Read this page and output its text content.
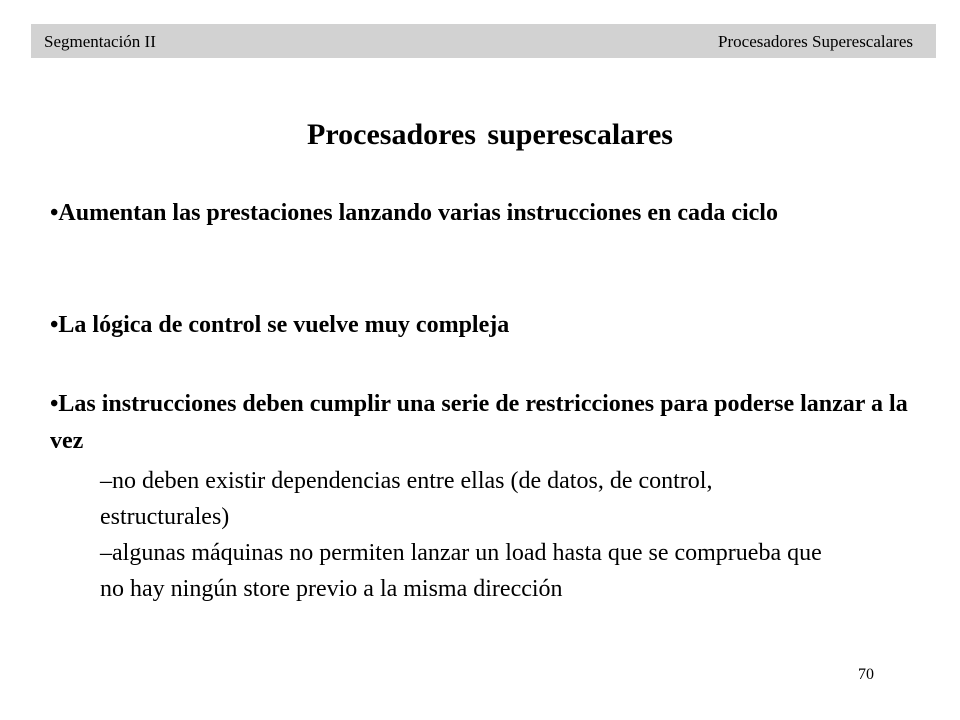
Segmentación II	Procesadores Superescalares
Procesadores superescalares
•Aumentan las prestaciones lanzando varias instrucciones en cada ciclo
•La lógica de control se vuelve muy compleja
•Las instrucciones deben cumplir una serie de restricciones para poderse lanzar a la vez
–no deben existir dependencias entre ellas (de datos, de control, estructurales)
–algunas máquinas no permiten lanzar un load hasta que se comprueba que no hay ningún store previo a la misma dirección
70
